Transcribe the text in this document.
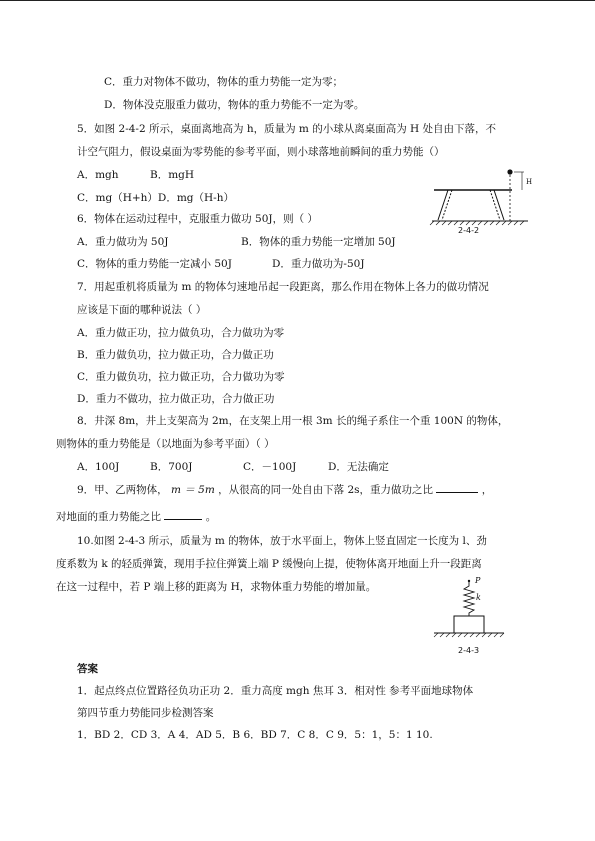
C．重力对物体不做功，物体的重力势能一定为零；
D．物体没克服重力做功，物体的重力势能不一定为零。
5．如图 2-4-2 所示，桌面离地高为 h，质量为 m 的小球从离桌面高为 H 处自由下落，不
计空气阻力，假设桌面为零势能的参考平面，则小球落地前瞬间的重力势能（）
A．mgh	B．mgH
C．mg（H+h）D．mg（H-h）
6．物体在运动过程中，克服重力做功 50J，则（ ）
A．重力做功为 50J	B．物体的重力势能一定增加 50J
C．物体的重力势能一定减小 50J	D．重力做功为-50J
7．用起重机将质量为 m 的物体匀速地吊起一段距离，那么作用在物体上各力的做功情况
应该是下面的哪种说法（ ）
A．重力做正功，拉力做负功，合力做功为零
B．重力做负功，拉力做正功，合力做正功
C．重力做负功，拉力做正功，合力做功为零
D．重力不做功，拉力做正功，合力做正功
8．井深 8m，井上支架高为 2m，在支架上用一根 3m 长的绳子系住一个重 100N 的物体，
则物体的重力势能是（以地面为参考平面）（ ）
A．100J	B．700J	C．－100J	D．无法确定
9．甲、乙两物体， m ＝ 5m ，从很高的同一处自由下落 2s，重力做功之比	，
对地面的重力势能之比	。
10.如图 2-4-3 所示，质量为 m 的物体，放于水平面上，物体上竖直固定一长度为 l、劲
度系数为 k 的轻质弹簧，现用手拉住弹簧上端 P 缓慢向上提，使物体离开地面上升一段距离
在这一过程中，若 P 端上移的距离为 H，求物体重力势能的增加量。
答案
1．起点终点位置路径负功正功 2．重力高度 mgh 焦耳 3．相对性 参考平面地球物体
第四节重力势能同步检测答案
1．BD 2．CD 3．A 4．AD 5．B 6．BD 7．C 8．C 9．5：1，5：1 10.
H
2-4-2
P
k
2-4-3
